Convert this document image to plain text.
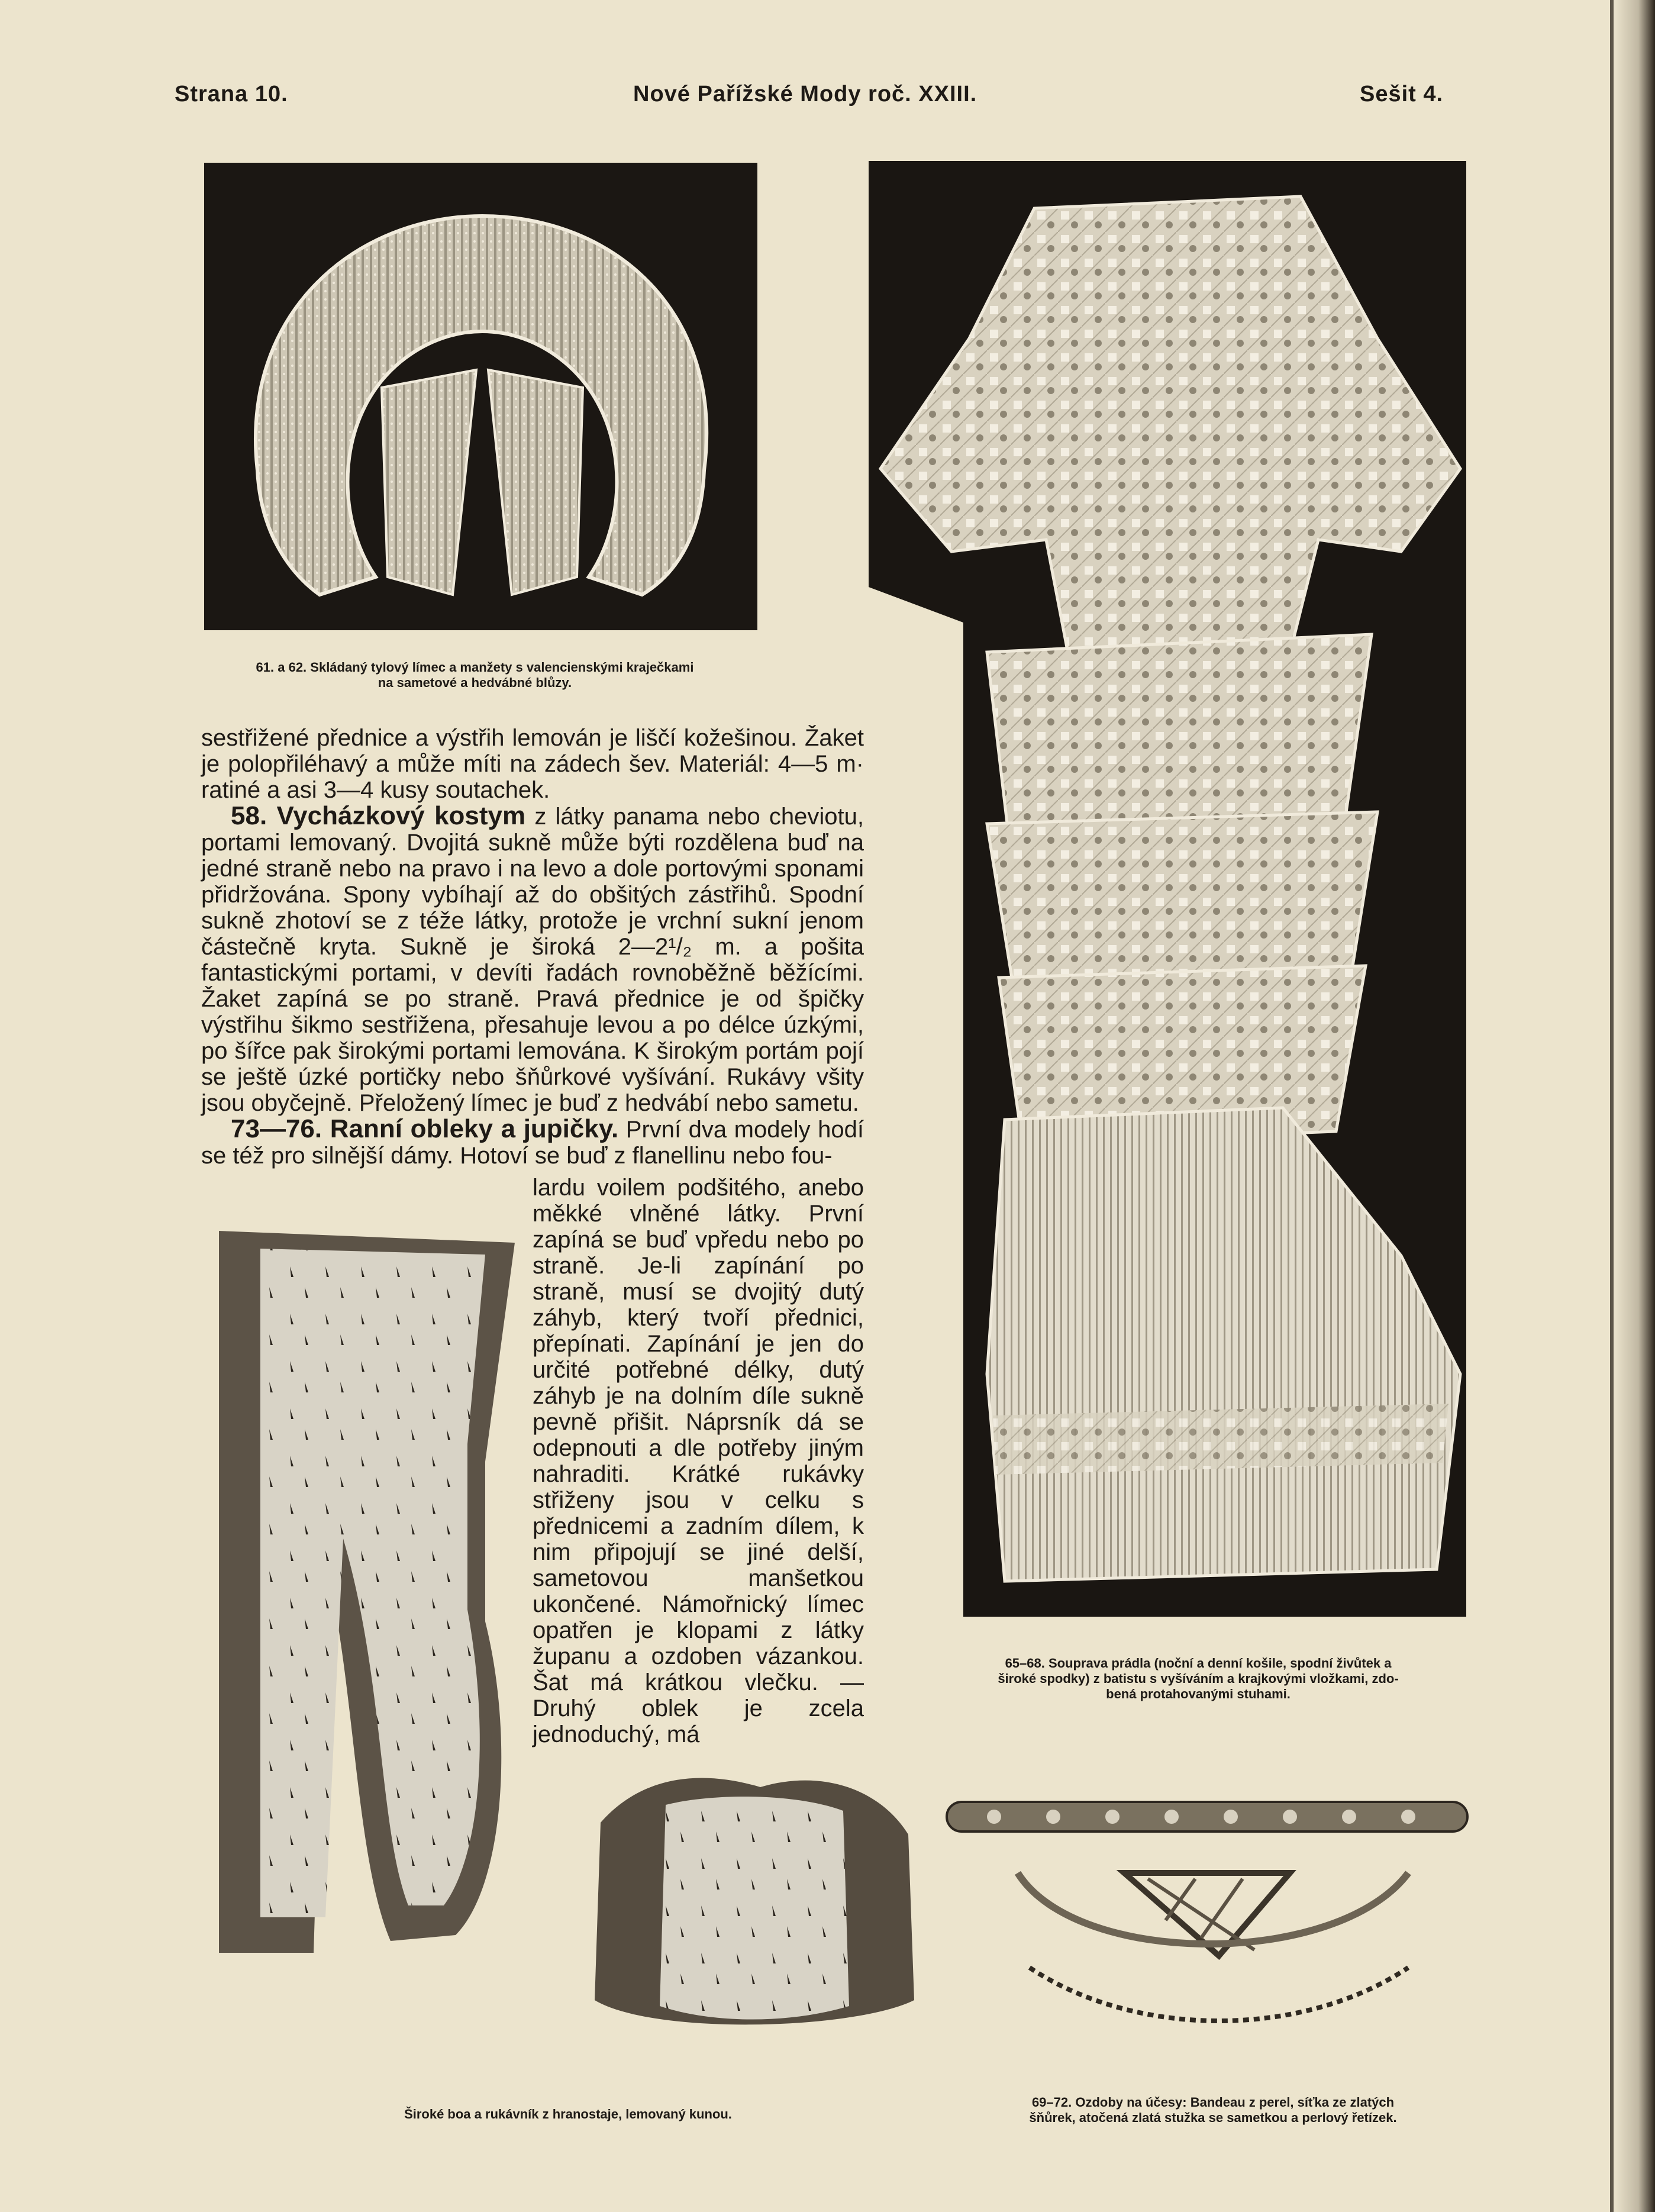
Strana 10.	Nové Pařížské Mody roč. XXIII.	Sešit 4.
61. a 62. Skládaný tylový límec a manžety s valencienskými kraječkami
na sametové a hedvábné blůzy.
65–68. Souprava prádla (noční a denní košile, spodní živůtek a
široké spodky) z batistu s vyšíváním a krajkovými vložkami, zdo-
bená protahovanými stuhami.

sestřižené přednice a výstřih lemován je liščí kožešinou. Žaket je polopřiléhavý a může míti na zádech šev. Materiál: 4—5 m· ratiné a asi 3—4 kusy soutachek.

58. Vycházkový kostym z látky panama nebo cheviotu, portami lemovaný. Dvojitá sukně může býti rozdělena buď na jedné straně nebo na pravo i na levo a dole portovými sponami přidržována. Spony vybíhají až do obšitých zástřihů. Spodní sukně zhotoví se z téže látky, protože je vrchní sukní jenom částečně kryta. Sukně je široká 2—2¹/₂ m. a pošita fantastickými portami, v devíti řadách rovnoběžně běžícími. Žaket zapíná se po straně. Pravá přednice je od špičky výstřihu šikmo sestřižena, přesahuje levou a po délce úzkými, po šířce pak širokými portami lemována. K širokým portám pojí se ještě úzké portičky nebo šňůrkové vyšívání. Rukávy všity jsou obyčejně. Přeložený límec je buď z hedvábí nebo sametu.

73—76. Ranní obleky a jupičky. První dva modely hodí se též pro silnější dámy. Hotoví se buď z flanellinu nebo fou-

lardu voilem podšitého, anebo měkké vlněné látky. První zapíná se buď vpředu nebo po straně. Je-li zapínání po straně, musí se dvojitý dutý záhyb, který tvoří přednici, přepínati. Zapínání je jen do určité potřebné délky, dutý záhyb je na dolním díle sukně pevně přišit. Náprsník dá se odepnouti a dle potřeby jiným nahraditi. Krátké rukávky střiženy jsou v celku s přednicemi a zadním dílem, k nim připojují se jiné delší, sametovou manšetkou ukončené. Námořnický límec opatřen je klopami z látky županu a ozdoben vázankou. Šat má krátkou vlečku. — Druhý oblek je zcela jednoduchý, má
Široké boa a rukávník z hranostaje, lemovaný kunou.
69–72. Ozdoby na účesy: Bandeau z perel, síťka ze zlatých
šňůrek, atočená zlatá stužka se sametkou a perlový řetízek.
